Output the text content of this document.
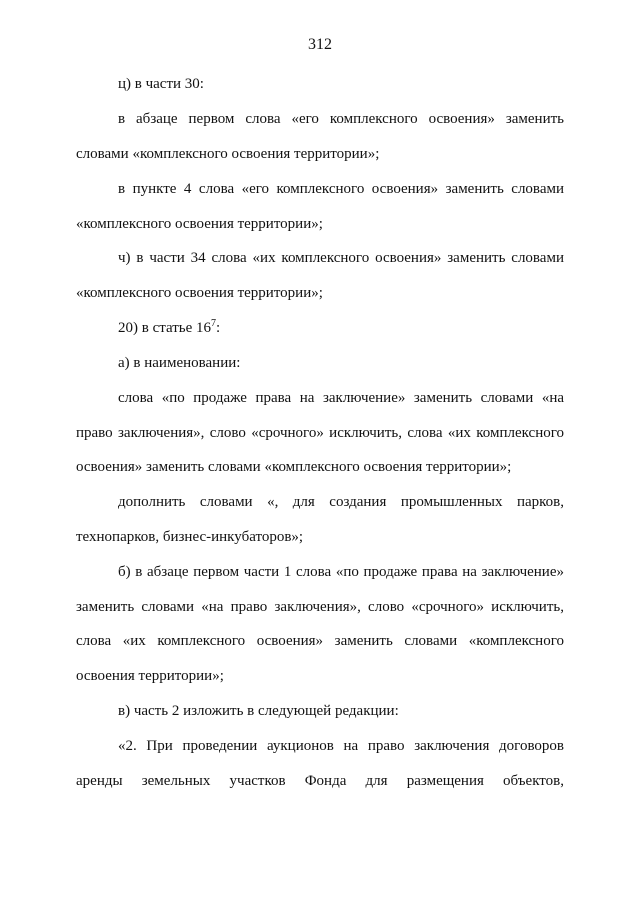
312
ц) в части 30:
в абзаце первом слова «его комплексного освоения» заменить
словами «комплексного освоения территории»;
в пункте 4 слова «его комплексного освоения» заменить словами
«комплексного освоения территории»;
ч) в части 34 слова «их комплексного освоения» заменить словами
«комплексного освоения территории»;
20) в статье $16^7$:
а) в наименовании:
слова «по продаже права на заключение» заменить словами «на
право заключения», слово «срочного» исключить, слова «их комплексного
освоения» заменить словами «комплексного освоения территории»;
дополнить словами «, для создания промышленных парков,
технопарков, бизнес-инкубаторов»;
б) в абзаце первом части 1 слова «по продаже права на заключение»
заменить словами «на право заключения», слово «срочного» исключить,
слова «их комплексного освоения» заменить словами «комплексного
освоения территории»;
в) часть 2 изложить в следующей редакции:
«2. При проведении аукционов на право заключения договоров
аренды земельных участков Фонда для размещения объектов,
